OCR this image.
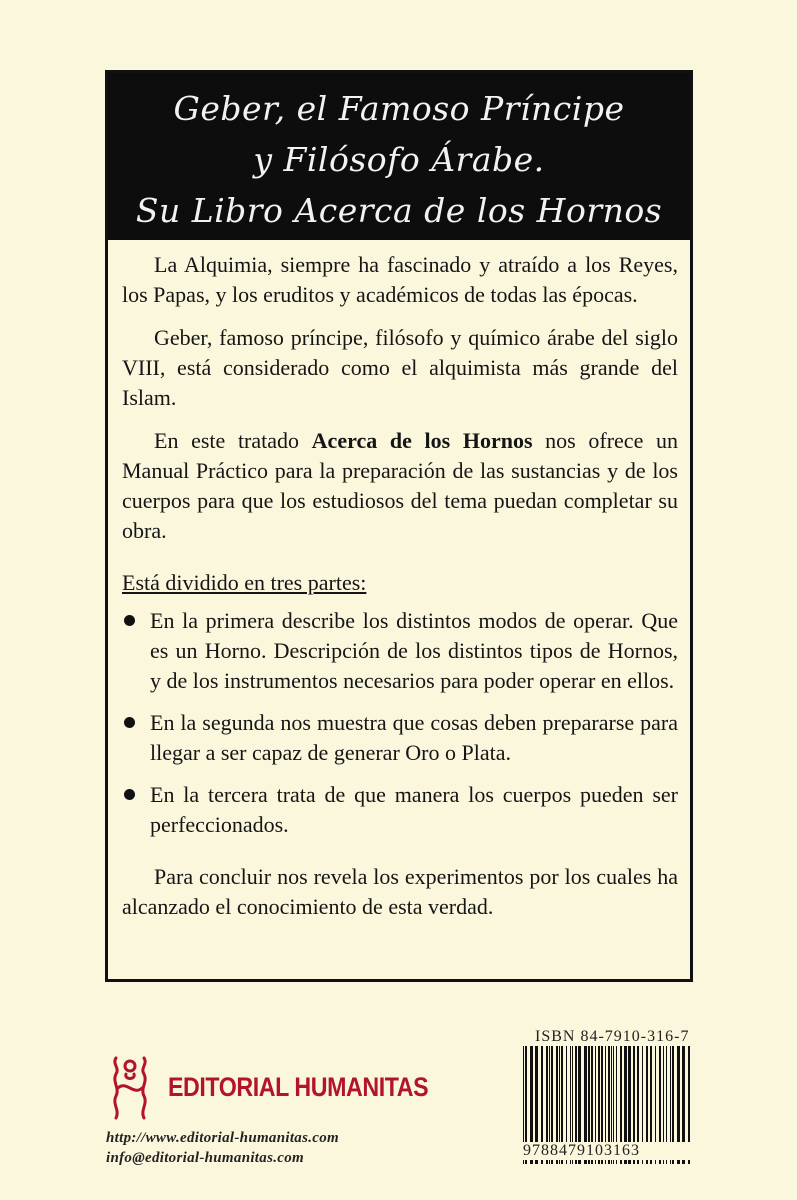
Geber, el Famoso Príncipe
y Filósofo Árabe.
Su Libro Acerca de los Hornos

La Alquimia, siempre ha fascinado y atraído a los Reyes, los Papas, y los eruditos y académicos de todas las épocas.

Geber, famoso príncipe, filósofo y químico árabe del siglo VIII, está considerado como el alquimista más grande del Islam.

En este tratado Acerca de los Hornos nos ofrece un Manual Práctico para la preparación de las sustancias y de los cuerpos para que los estudiosos del tema puedan completar su obra.

Está dividido en tres partes:
En la primera describe los distintos modos de operar. Que es un Horno. Descripción de los distintos tipos de Hornos, y de los instrumentos necesarios para poder operar en ellos.
En la segunda nos muestra que cosas deben prepararse para llegar a ser capaz de generar Oro o Plata.
En la tercera trata de que manera los cuerpos pueden ser perfeccionados.

Para concluir nos revela los experimentos por los cuales ha alcanzado el conocimiento de esta verdad.

EDITORIAL HUMANITAS
http://www.editorial-humanitas.com
info@editorial-humanitas.com
ISBN 84-7910-316-7
9788479103163
